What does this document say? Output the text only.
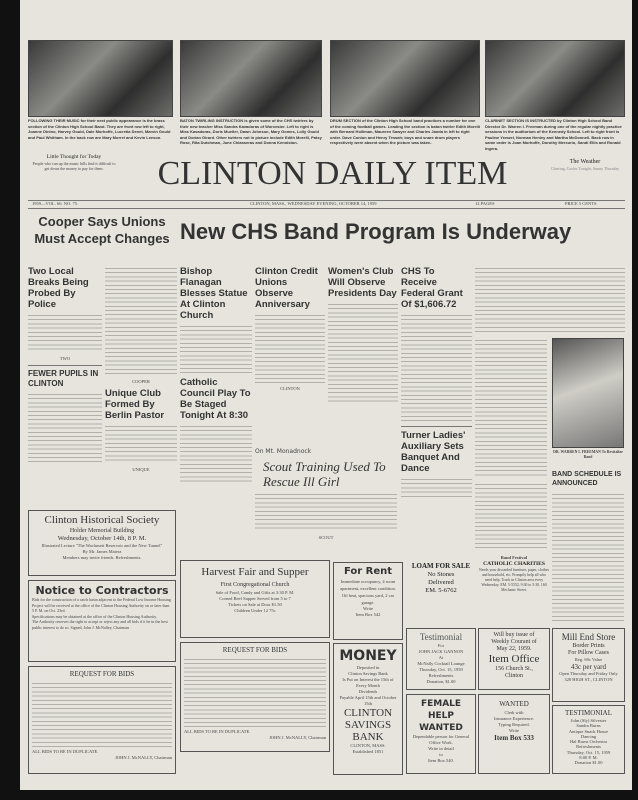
FOLLOWING THEIR MUSIC for their next public appearance is the brass section of the Clinton High School Band. They are front row left to right, Joanne Dinino, Harvey Gould, Dale Morhoffe, Lucretia Denet, Marvin Gould and Paul Whitham. In the back row are Mary Morrel and Kevin Leeson.
BATON TWIRLING INSTRUCTION is given some of the CHS twirlers by their new teacher Miss Sandra Kavadoras of Worcester. Left to right is Miss Kavadoras, Doris Mueller, Dawn Johnson, Mary Gomes, Lolly Gould and Dorian Girard. Other twirlers not in picture include Edith Morelli, Patsy Rose, Rita Dutchman, June Chiasseras and Donna Kenniston.
DRUM SECTION of the Clinton High School band practices a number for one of the coming football games. Leading the section is baton twirler Edith Morelli with Bernard Holliman, Maureen Sawyer and Charles Janda in left to right order. Dave Conlon and Henry Tessah; boys and snare drum players respectively were absent when the picture was taken.
CLARINET SECTION IS INSTRUCTED by Clinton High School Band Director Dr. Warren I. Freeman during one of the regular nightly practice sessions in the auditorium of the Kennedy School. Left to right front is Pauline Yenwel, Norman Henley and Martha McDonnell. Back row in same order is Joan Morhoffe, Dorothy Mercurio, Sandi Ellis and Ronald Ingera.
Little Thought for Today
People who run up the music bills find it difficult to get down the money to pay for them.	CLINTON DAILY ITEM	The Weather
Clearing, Cooler Tonight; Sunny Thursday
1959—VOL. 66. NO. 75.	CLINTON, MASS., WEDNESDAY EVENING, OCTOBER 14, 1959	12 PAGES	PRICE 5 CENTS
Cooper Says Unions Must Accept Changes New CHS Band Program Is Underway
Two Local Breaks Being Probed By Police
TWO
FEWER PUPILS IN CLINTON	COOPER
Unique Club Formed By Berlin Pastor
UNIQUE
Bishop Flanagan Blesses Statue At Clinton Church
Catholic Council Play To Be Staged Tonight At 8:30
Clinton Credit Unions Observe Anniversary
CLINTON
Women's Club Will Observe Presidents Day
On Mt. Monadnock
Scout Training Used To Rescue Ill Girl
SCOUT
CHS To Receive Federal Grant Of $1,606.72
Turner Ladies' Auxiliary Sets Banquet And Dance
DR. WARREN I. FREEMAN To Revitalize Band
BAND SCHEDULE IS ANNOUNCED
Clinton Historical Society
Holder Memorial Building
Wednesday, October 14th, 8 P. M.
Illustrated Lecture "The Wachusett Reservoir and the New Tunnel"
By Mr. James Matera
Members may invite friends. Refreshments.
Notice to Contractors
Bids for the construction of a catch basin adjacent to the Federal Low Income Housing Project will be received at the office of the Clinton Housing Authority on or later than 5 P. M. on Oct. 23rd.
Specifications may be obtained at the office of the Clinton Housing Authority.
The Authority reserves the right to accept or reject any and all bids if it be in the best public interest to do so. Signed, John J. McNalley, Chairman
REQUEST FOR BIDS
ALL BIDS TO BE IN DUPLICATE.
JOHN J. McNALLY, Chairman
Harvest Fair and Supper
First Congregational Church
Sale of Food, Candy and Gifts at 3:30 P. M.
Corned Beef Supper Served from 5 to 7
Tickets on Sale at Door $1.50
Children Under 12 75c
REQUEST FOR BIDS
ALL BIDS TO BE IN DUPLICATE.
JOHN J. McNALLY, Chairman
For Rent
Immediate occupancy, 4 room apartment, excellent condition. Oil heat, spacious yard, 2 car garage.
Write
Item Box 542
MONEY
Deposited in
Clinton Savings Bank
Is Put on Interest the 15th of Every Month
Dividends
Payable April 15th and October 15th
CLINTON SAVINGS BANK
CLINTON, MASS.
Established 1851
LOAM FOR SALE
No Stones
Delivered
EM. 5-6762
Testimonial
For
JOHN JACK GANNON
At
McNally Cocktail Lounge
Thursday, Oct. 15, 1959
Refreshments
Donation, $1.00
FEMALE HELP WANTED
Dependable person for General Office Work.
Write in detail
to
Item Box 540.
Band Festival
CATHOLIC CHARITIES
Needs your discarded furniture, paper, clothes and household, etc. Promptly help all who need help. Truck in Clinton area every Wednesday. EM. 5-5552, 9:30 to 5:30, 160 Mechanic Street.
Will buy issue of
Weekly Courant of
May 22, 1959.
Item Office
156 Church St.,
Clinton
WANTED
Clerk with
Insurance Experience.
Typing Required.
Write
Item Box 533
Mill End Store
Border Prints
For Pillow Cases
Reg. 69c Value
43c per yard
Open Thursday and Friday Only
328 HIGH ST., CLINTON
TESTIMONIAL
John (Sly) Silvester
Sandra Burns
Antique Snack House
Dancing
Hal Burns Orchestra
Refreshments
Thursday, Oct. 15, 1959
8:00 P. M.
Donation $1.00
